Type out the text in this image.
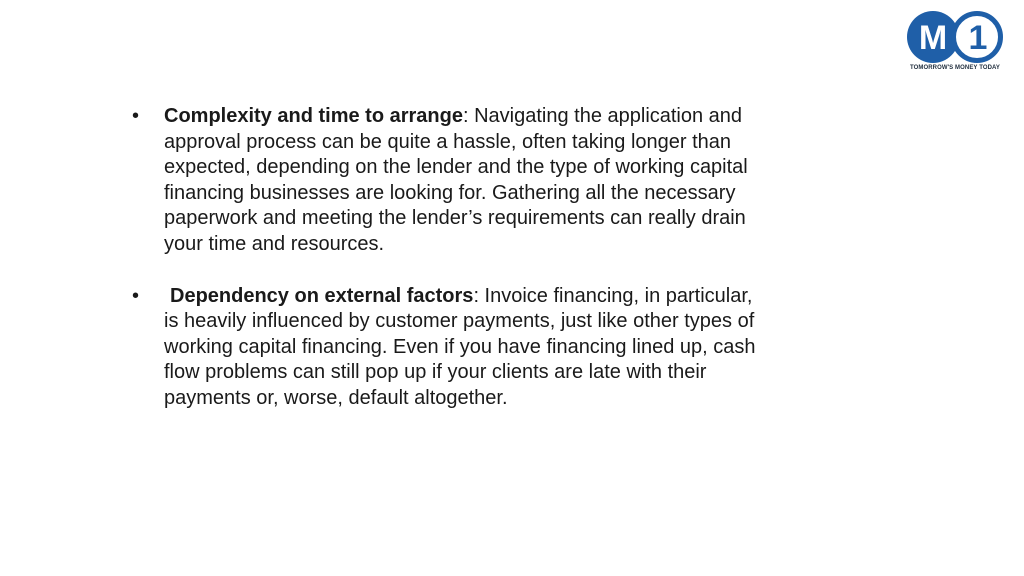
M 1
TOMORROW'S MONEY TODAY
• Complexity and time to arrange: Navigating the application and approval process can be quite a hassle, often taking longer than expected, depending on the lender and the type of working capital financing businesses are looking for. Gathering all the necessary paperwork and meeting the lender’s requirements can really drain your time and resources.
• Dependency on external factors: Invoice financing, in particular, is heavily influenced by customer payments, just like other types of working capital financing. Even if you have financing lined up, cash flow problems can still pop up if your clients are late with their payments or, worse, default altogether.
